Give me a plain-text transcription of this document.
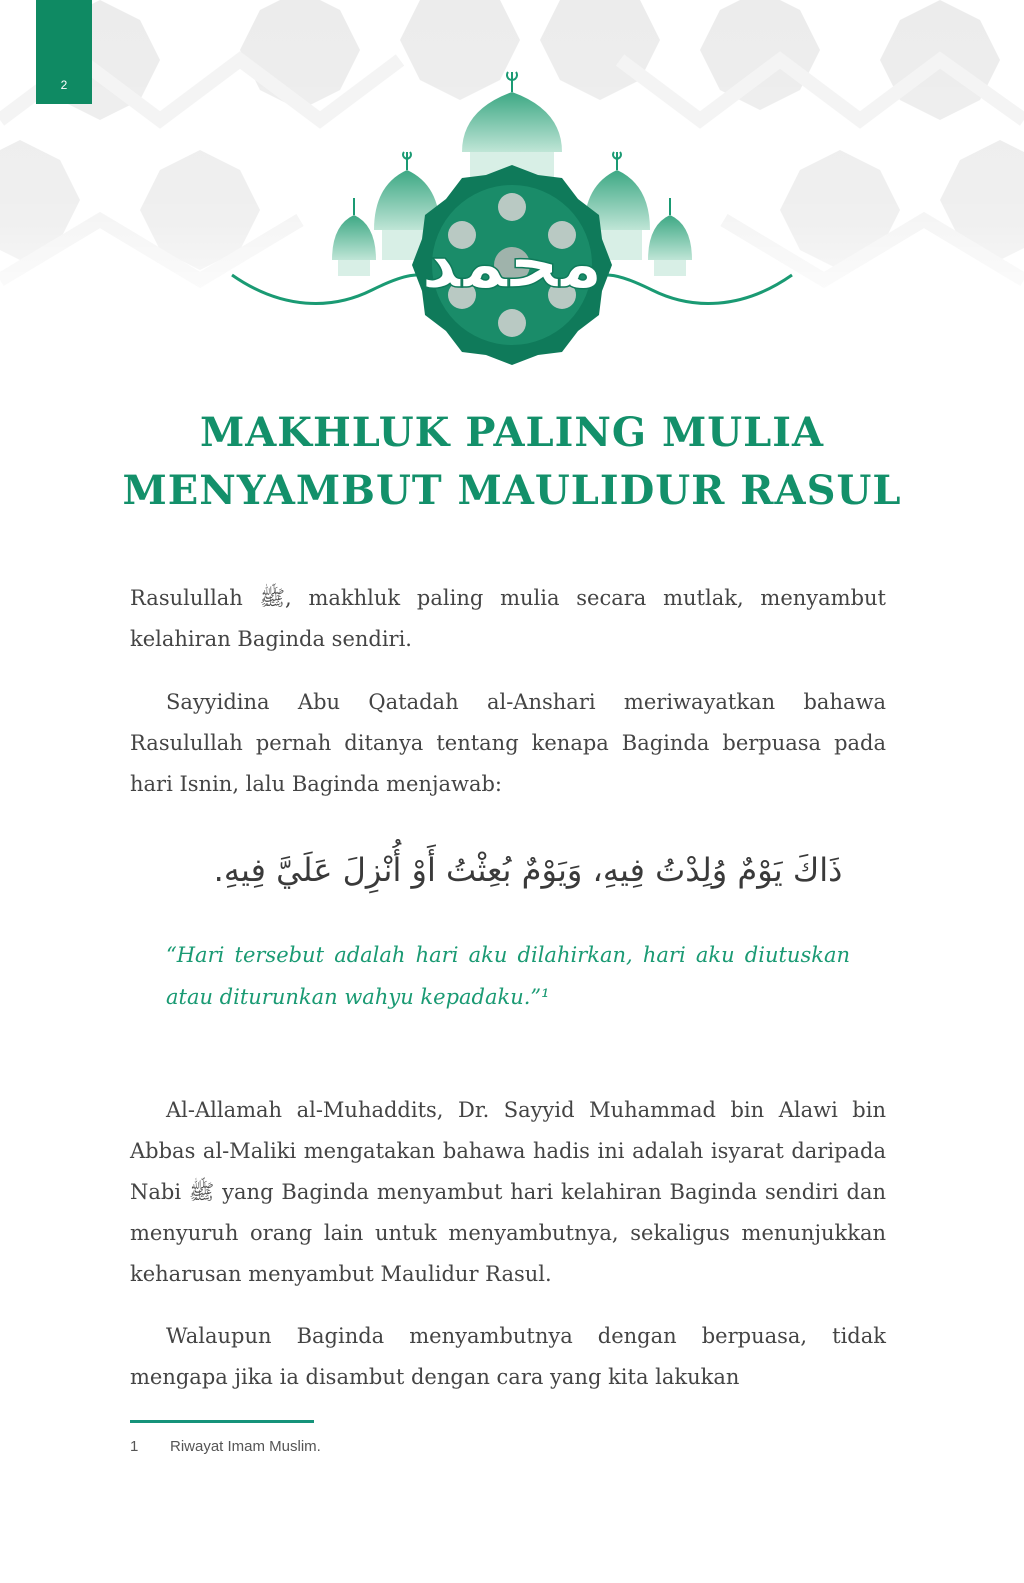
2
محمد
MAKHLUK PALING MULIA
MENYAMBUT MAULIDUR RASUL

Rasulullah ﷺ, makhluk paling mulia secara mutlak, menyambut kelahiran Baginda sendiri.

Sayyidina Abu Qatadah al-Anshari meriwayatkan bahawa Rasulullah pernah ditanya tentang kenapa Baginda berpuasa pada hari Isnin, lalu Baginda menjawab:

ذَاكَ يَوْمٌ وُلِدْتُ فِيهِ، وَيَوْمٌ بُعِثْتُ أَوْ أُنْزِلَ عَلَيَّ فِيهِ.

“Hari tersebut adalah hari aku dilahirkan, hari aku diutuskan atau diturunkan wahyu kepadaku.”¹

Al-Allamah al-Muhaddits, Dr. Sayyid Muhammad bin Alawi bin Abbas al-Maliki mengatakan bahawa hadis ini adalah isyarat daripada Nabi ﷺ yang Baginda menyambut hari kelahiran Baginda sendiri dan menyuruh orang lain untuk menyambutnya, sekaligus menunjukkan keharusan menyambut Maulidur Rasul.

Walaupun Baginda menyambutnya dengan berpuasa, tidak mengapa jika ia disambut dengan cara yang kita lakukan

1 Riwayat Imam Muslim.
